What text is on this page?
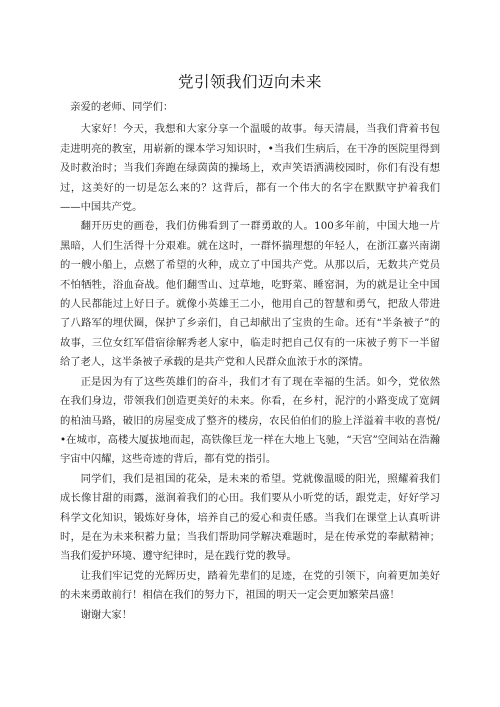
党引领我们迈向未来

亲爱的老师、同学们：

大家好！今天，我想和大家分享一个温暖的故事。每天清晨，当我们背着书包走进明亮的教室，用崭新的课本学习知识时，•当我们生病后，在干净的医院里得到及时救治时；当我们奔跑在绿茵茵的操场上，欢声笑语洒满校园时，你们有没有想过，这美好的一切是怎么来的？这背后，都有一个伟大的名字在默默守护着我们——中国共产党。

翻开历史的画卷，我们仿佛看到了一群勇敢的人。100多年前，中国大地一片黑暗，人们生活得十分艰难。就在这时，一群怀揣理想的年轻人，在浙江嘉兴南湖的一艘小船上，点燃了希望的火种，成立了中国共产党。从那以后，无数共产党员不怕牺牲，浴血奋战。他们翻雪山、过草地，吃野菜、睡窑洞，为的就是让全中国的人民都能过上好日子。就像小英雄王二小，他用自己的智慧和勇气，把敌人带进了八路军的埋伏圈，保护了乡亲们，自己却献出了宝贵的生命。还有“半条被子”的故事，三位女红军借宿徐解秀老人家中，临走时把自己仅有的一床被子剪下一半留给了老人，这半条被子承载的是共产党和人民群众血浓于水的深情。

正是因为有了这些英雄们的奋斗，我们才有了现在幸福的生活。如今，党依然在我们身边，带领我们创造更美好的未来。你看，在乡村，泥泞的小路变成了宽阔的柏油马路，破旧的房屋变成了整齐的楼房，农民伯伯们的脸上洋溢着丰收的喜悦/•在城市，高楼大厦拔地而起，高铁像巨龙一样在大地上飞驰，“天宫”空间站在浩瀚宇宙中闪耀，这些奇迹的背后，都有党的指引。

同学们，我们是祖国的花朵，是未来的希望。党就像温暖的阳光，照耀着我们成长像甘甜的雨露，滋润着我们的心田。我们要从小听党的话，跟党走，好好学习科学文化知识，锻炼好身体，培养自己的爱心和责任感。当我们在课堂上认真听讲时，是在为未来积蓄力量；当我们帮助同学解决难题时，是在传承党的奉献精神；当我们爱护环境、遵守纪律时，是在践行党的教导。

让我们牢记党的光辉历史，踏着先辈们的足迹，在党的引领下，向着更加美好的未来勇敢前行！相信在我们的努力下，祖国的明天一定会更加繁荣昌盛！

谢谢大家！
